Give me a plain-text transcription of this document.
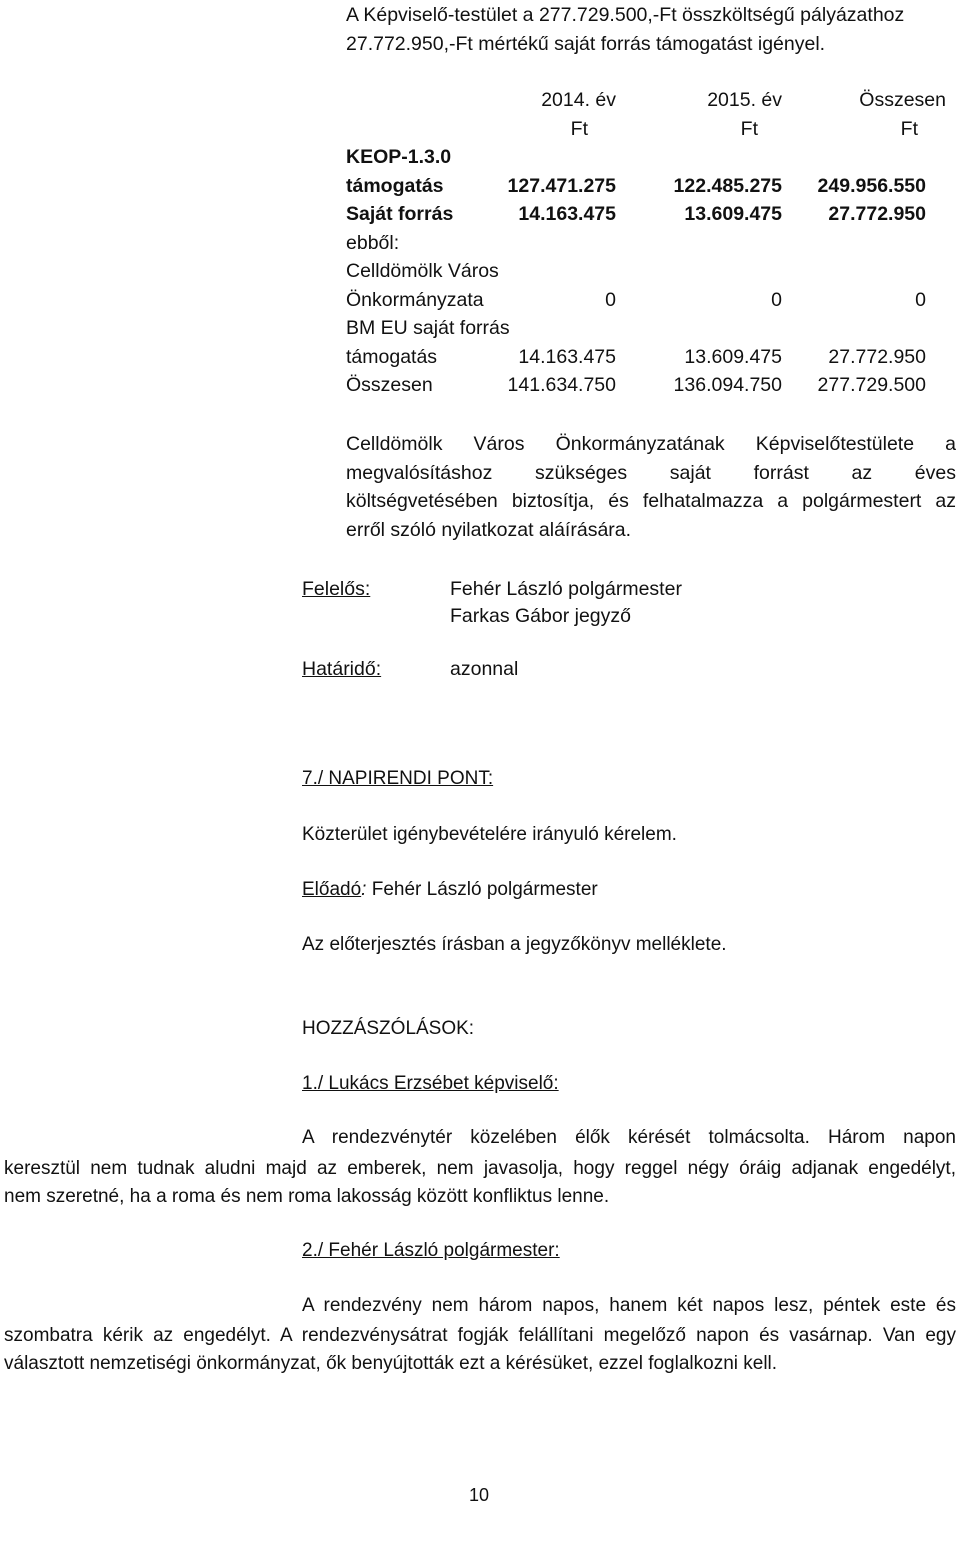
A Képviselő-testület a 277.729.500,-Ft összköltségű pályázathoz
27.772.950,-Ft mértékű saját forrás támogatást igényel.
2014. év	2015. év	Összesen
Ft	Ft	Ft
KEOP-1.3.0
támogatás	127.471.275	122.485.275 249.956.550
Saját forrás	14.163.475	13.609.475 27.772.950
ebből:
Celldömölk Város
Önkormányzata	0	0	0
BM EU saját forrás
támogatás	14.163.475	13.609.475 27.772.950
Összesen	141.634.750	136.094.750 277.729.500
Celldömölk Város Önkormányzatának Képviselőtestülete a
megvalósításhoz szükséges saját forrást az éves
költségvetésében biztosítja, és felhatalmazza a polgármestert az
erről szóló nyilatkozat aláírására.
Felelős:	Fehér László polgármester
Farkas Gábor jegyző
Határidő:	azonnal
7./ NAPIRENDI PONT:
Közterület igénybevételére irányuló kérelem.
Előadó: Fehér László polgármester
Az előterjesztés írásban a jegyzőkönyv melléklete.
HOZZÁSZÓLÁSOK:
1./ Lukács Erzsébet képviselő:
A rendezvénytér közelében élők kérését tolmácsolta. Három napon
keresztül nem tudnak aludni majd az emberek, nem javasolja, hogy reggel négy óráig adjanak engedélyt,
nem szeretné, ha a roma és nem roma lakosság között konfliktus lenne.
2./ Fehér László polgármester:
A rendezvény nem három napos, hanem két napos lesz, péntek este és
szombatra kérik az engedélyt. A rendezvénysátrat fogják felállítani megelőző napon és vasárnap. Van egy
választott nemzetiségi önkormányzat, ők benyújtották ezt a kérésüket, ezzel foglalkozni kell.
10
